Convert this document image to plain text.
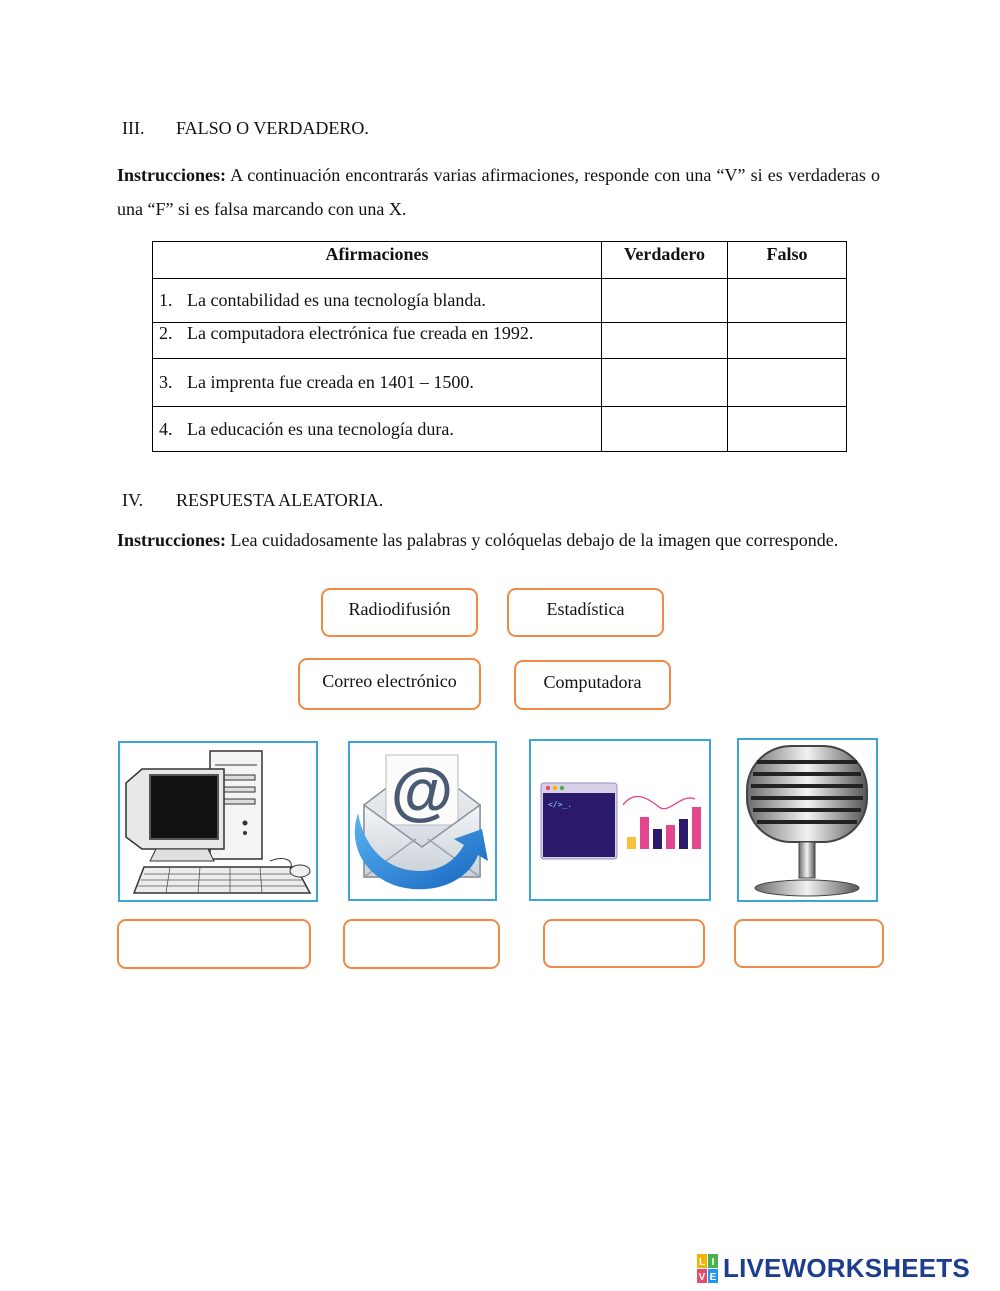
III. FALSO O VERDADERO.
Instrucciones: A continuación encontrarás varias afirmaciones, responde con una “V” si es verdaderas o una “F” si es falsa marcando con una X.
Afirmaciones	Verdadero	Falso
1. La contabilidad es una tecnología blanda.		
2. La computadora electrónica fue creada en 1992.		
3. La imprenta fue creada en 1401 – 1500.		
4. La educación es una tecnología dura.		
IV. RESPUESTA ALEATORIA.
Instrucciones: Lea cuidadosamente las palabras y colóquelas debajo de la imagen que corresponde.
Radiodifusión	Estadística
Correo electrónico	Computadora
@	</>_.
L I
V E LIVEWORKSHEETS
